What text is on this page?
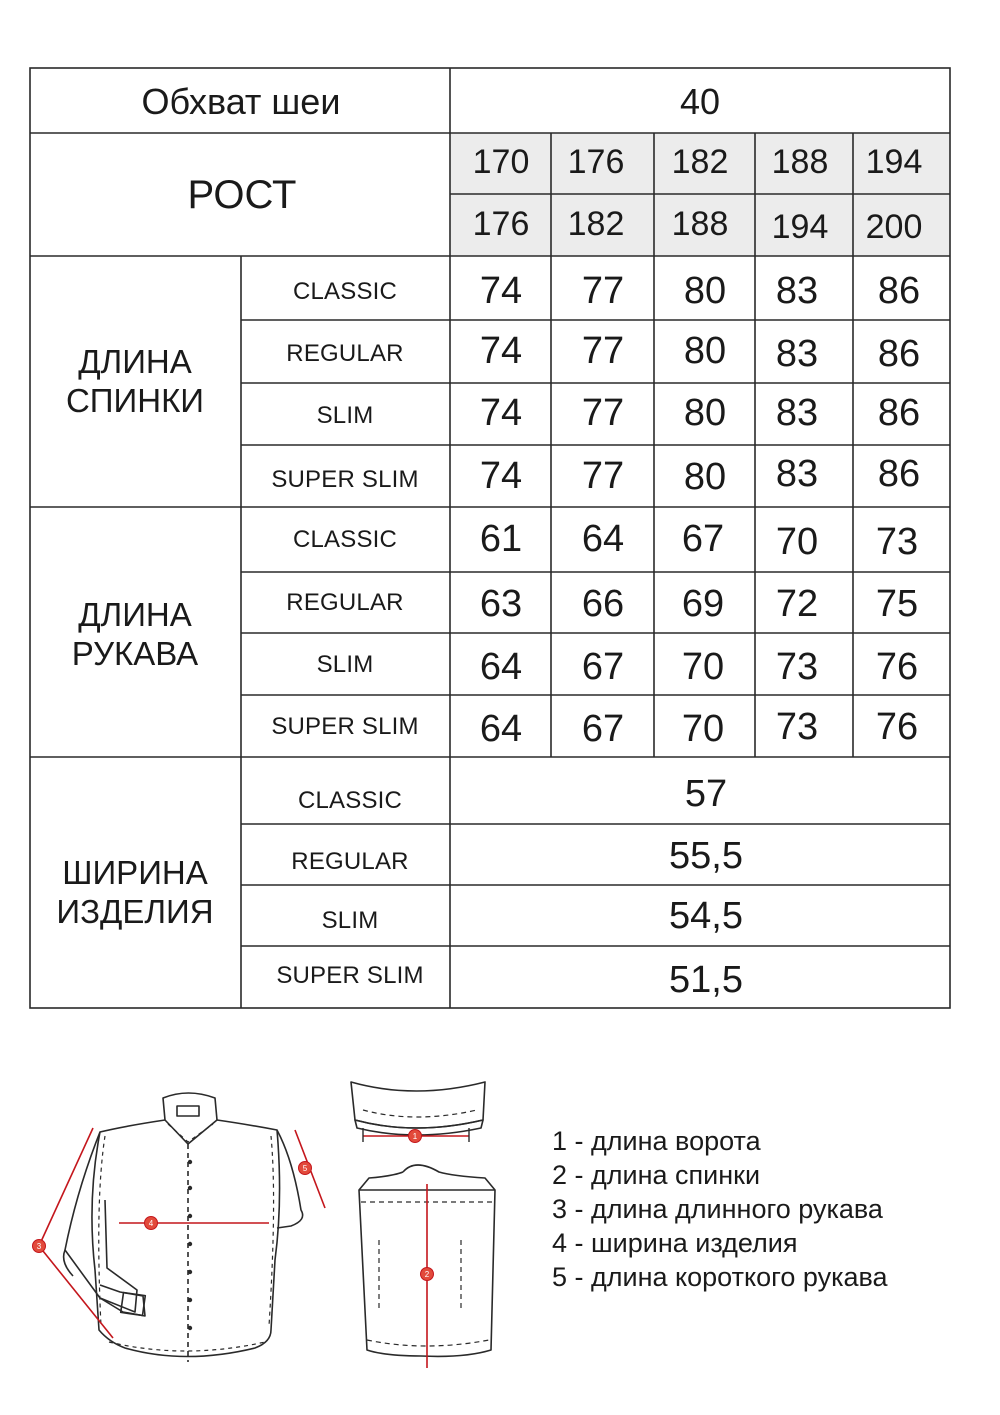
Обхват шеи	40
РОСТ
170 176 182 188 194
176 182 188 194 200
ДЛИНА
СПИНКИ
CLASSIC
REGULAR
SLIM
SUPER SLIM
74 77 80 83 86
74 77 80 83 86
74 77 80 83 86
74 77 80 83 86
ДЛИНА
РУКАВА
CLASSIC
REGULAR
SLIM
SUPER SLIM
61 64 67 70 73
63 66 69 72 75
64 67 70 73 76
64 67 70 73 76
ШИРИНА
ИЗДЕЛИЯ
CLASSIC
REGULAR
SLIM
SUPER SLIM
57
55,5
54,5
51,5
3
4
5
1
2
1 - длина ворота
2 - длина спинки
3 - длина длинного рукава
4 - ширина изделия
5 - длина короткого рукава
